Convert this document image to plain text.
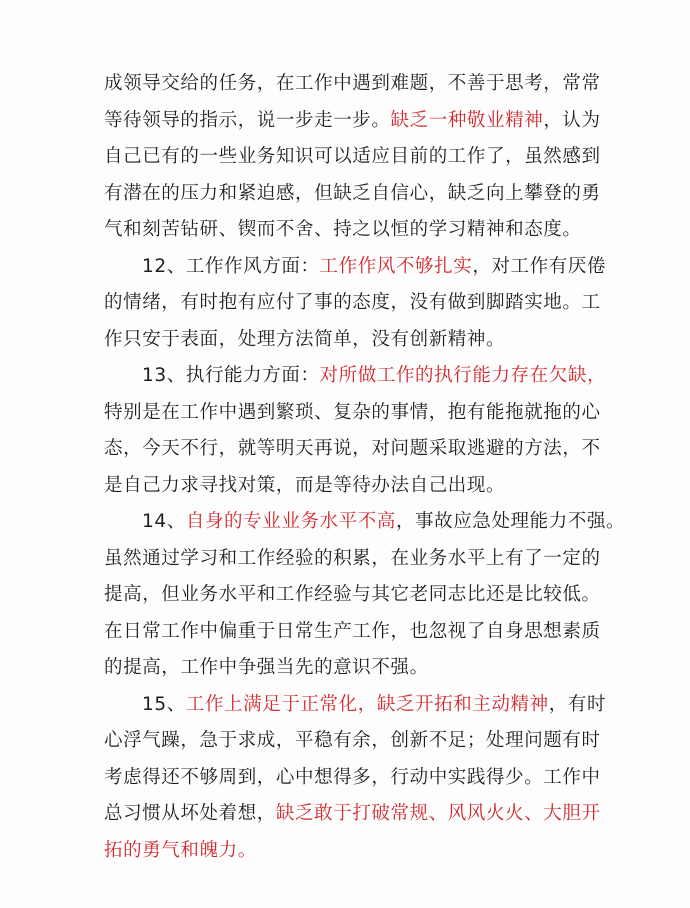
成领导交给的任务，在工作中遇到难题，不善于思考，常常
等待领导的指示，说一步走一步。缺乏一种敬业精神，认为
自己已有的一些业务知识可以适应目前的工作了，虽然感到
有潜在的压力和紧迫感，但缺乏自信心，缺乏向上攀登的勇
气和刻苦钻研、锲而不舍、持之以恒的学习精神和态度。
12、工作作风方面：工作作风不够扎实，对工作有厌倦
的情绪，有时抱有应付了事的态度，没有做到脚踏实地。工
作只安于表面，处理方法简单，没有创新精神。
13、执行能力方面：对所做工作的执行能力存在欠缺，
特别是在工作中遇到繁琐、复杂的事情，抱有能拖就拖的心
态，今天不行，就等明天再说，对问题采取逃避的方法，不
是自己力求寻找对策，而是等待办法自己出现。
14、自身的专业业务水平不高，事故应急处理能力不强。
虽然通过学习和工作经验的积累，在业务水平上有了一定的
提高，但业务水平和工作经验与其它老同志比还是比较低。
在日常工作中偏重于日常生产工作，也忽视了自身思想素质
的提高，工作中争强当先的意识不强。
15、工作上满足于正常化，缺乏开拓和主动精神，有时
心浮气躁，急于求成，平稳有余，创新不足；处理问题有时
考虑得还不够周到，心中想得多，行动中实践得少。工作中
总习惯从坏处着想，缺乏敢于打破常规、风风火火、大胆开
拓的勇气和魄力。
